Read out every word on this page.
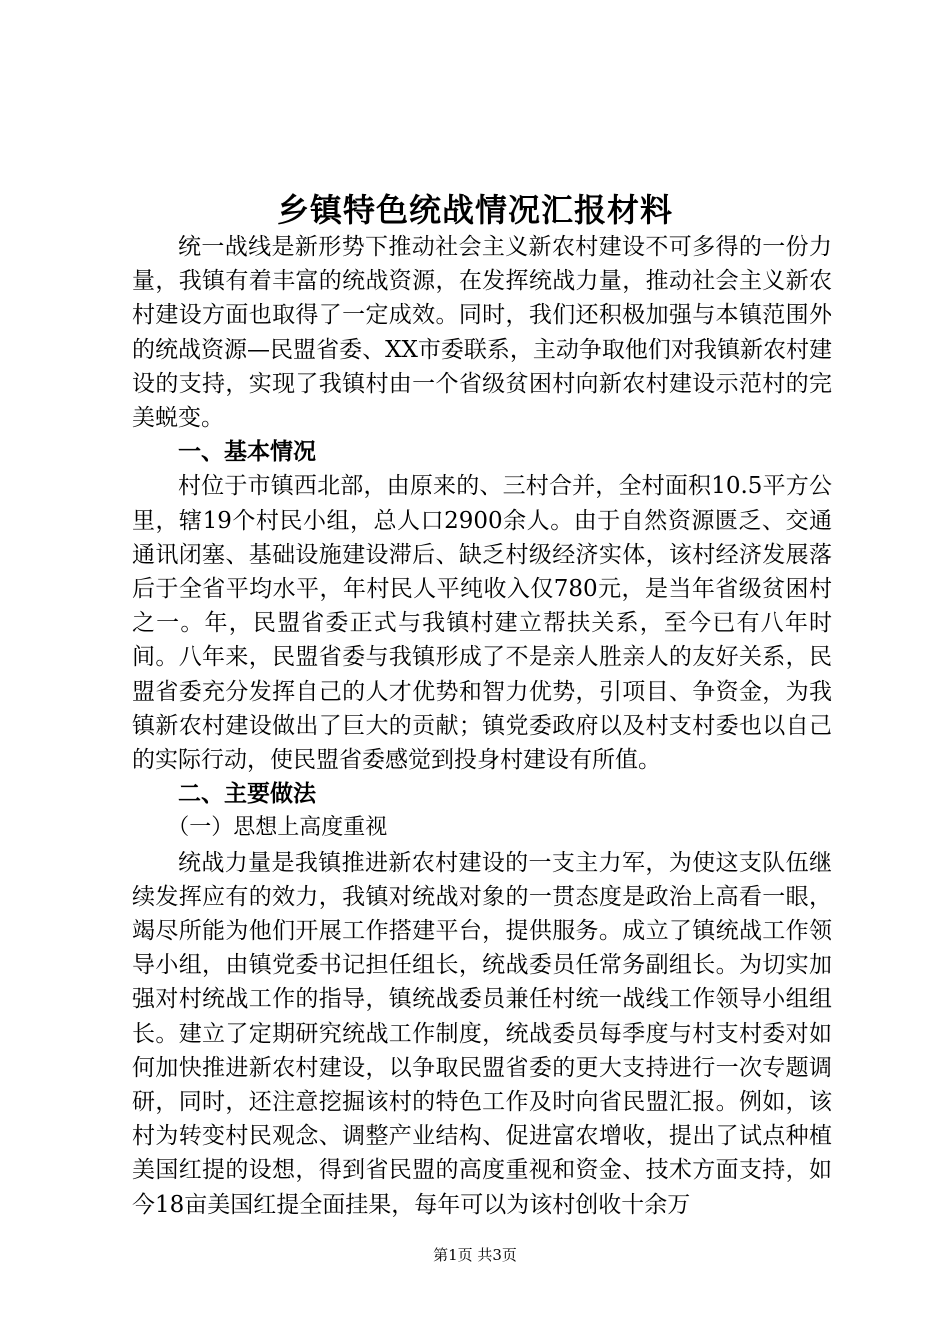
乡镇特色统战情况汇报材料

统一战线是新形势下推动社会主义新农村建设不可多得的一份力量，我镇有着丰富的统战资源，在发挥统战力量，推动社会主义新农村建设方面也取得了一定成效。同时，我们还积极加强与本镇范围外的统战资源—民盟省委、XX市委联系，主动争取他们对我镇新农村建设的支持，实现了我镇村由一个省级贫困村向新农村建设示范村的完美蜕变。

一、基本情况

村位于市镇西北部，由原来的、三村合并，全村面积10.5平方公里，辖19个村民小组，总人口2900余人。由于自然资源匮乏、交通通讯闭塞、基础设施建设滞后、缺乏村级经济实体，该村经济发展落后于全省平均水平，年村民人平纯收入仅780元，是当年省级贫困村之一。年，民盟省委正式与我镇村建立帮扶关系，至今已有八年时间。八年来，民盟省委与我镇形成了不是亲人胜亲人的友好关系，民盟省委充分发挥自己的人才优势和智力优势，引项目、争资金，为我镇新农村建设做出了巨大的贡献；镇党委政府以及村支村委也以自己的实际行动，使民盟省委感觉到投身村建设有所值。

二、主要做法
（一）思想上高度重视

统战力量是我镇推进新农村建设的一支主力军，为使这支队伍继续发挥应有的效力，我镇对统战对象的一贯态度是政治上高看一眼，竭尽所能为他们开展工作搭建平台，提供服务。成立了镇统战工作领导小组，由镇党委书记担任组长，统战委员任常务副组长。为切实加强对村统战工作的指导，镇统战委员兼任村统一战线工作领导小组组长。建立了定期研究统战工作制度，统战委员每季度与村支村委对如何加快推进新农村建设，以争取民盟省委的更大支持进行一次专题调研，同时，还注意挖掘该村的特色工作及时向省民盟汇报。例如，该村为转变村民观念、调整产业结构、促进富农增收，提出了试点种植美国红提的设想，得到省民盟的高度重视和资金、技术方面支持，如今18亩美国红提全面挂果，每年可以为该村创收十余万

第1页 共3页
